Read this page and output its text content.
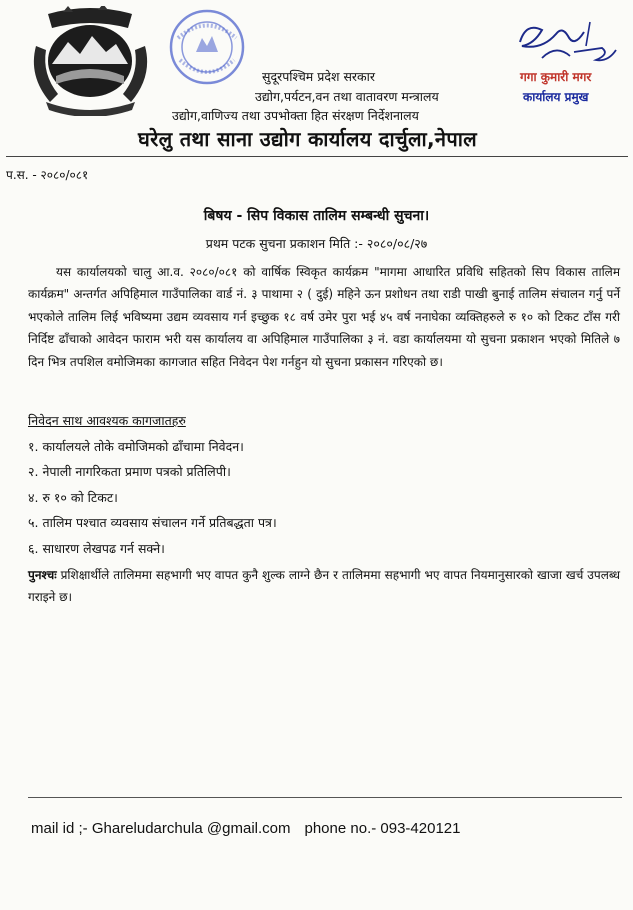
सुदूरपश्चिम प्रदेश सरकार
उद्योग,पर्यटन,वन तथा वातावरण मन्त्रालय
उद्योग,वाणिज्य तथा उपभोक्ता हित संरक्षण निर्देशनालय
घरेलु तथा साना उद्योग कार्यालय दार्चुला,नेपाल
गगा कुमारी मगर
कार्यालय प्रमुख
प.स. - २०८०/०८१
बिषय - सिप विकास तालिम सम्बन्धी सुचना।
प्रथम पटक सुचना प्रकाशन मिति :- २०८०/०८/२७
यस कार्यालयको चालु आ.व. २०८०/०८१ को वार्षिक स्विकृत कार्यक्रम "मागमा आधारित प्रविधि सहितको सिप विकास तालिम कार्यक्रम" अन्तर्गत अपिहिमाल गाउँपालिका वार्ड नं. ३ पाथामा २ ( दुई) महिने ऊन प्रशोधन तथा राडी पाखी बुनाई तालिम संचालन गर्नु पर्ने भएकोले तालिम लिई भविष्यमा उद्यम व्यवसाय गर्न इच्छुक १८ वर्ष उमेर पुरा भई ४५ वर्ष ननाघेका व्यक्तिहरुले रु १० को टिकट टाँस गरी निर्दिष्ट ढाँचाको आवेदन फाराम भरी यस कार्यालय वा अपिहिमाल गाउँपालिका ३ नं. वडा कार्यालयमा यो सुचना प्रकाशन भएको मितिले ७ दिन भित्र तपशिल वमोजिमका कागजात सहित निवेदन पेश गर्नहुन यो सुचना प्रकासन गरिएको छ।
निवेदन साथ आवश्यक कागजातहरु
१. कार्यालयले तोके वमोजिमको ढाँचामा निवेदन।
२. नेपाली नागरिकता प्रमाण पत्रको प्रतिलिपी।
४. रु १० को टिकट।
५. तालिम पश्चात व्यवसाय संचालन गर्ने प्रतिबद्धता पत्र।
६. साधारण लेखपढ गर्न सक्ने।
पुनश्चः प्रशिक्षार्थीले तालिममा सहभागी भए वापत कुनै शुल्क लाग्ने छैन र तालिममा सहभागी भए वापत नियमानुसारको खाजा खर्च उपलब्ध गराइने छ।
mail id ;- Ghareludarchula @gmail.com phone no.- 093-420121
